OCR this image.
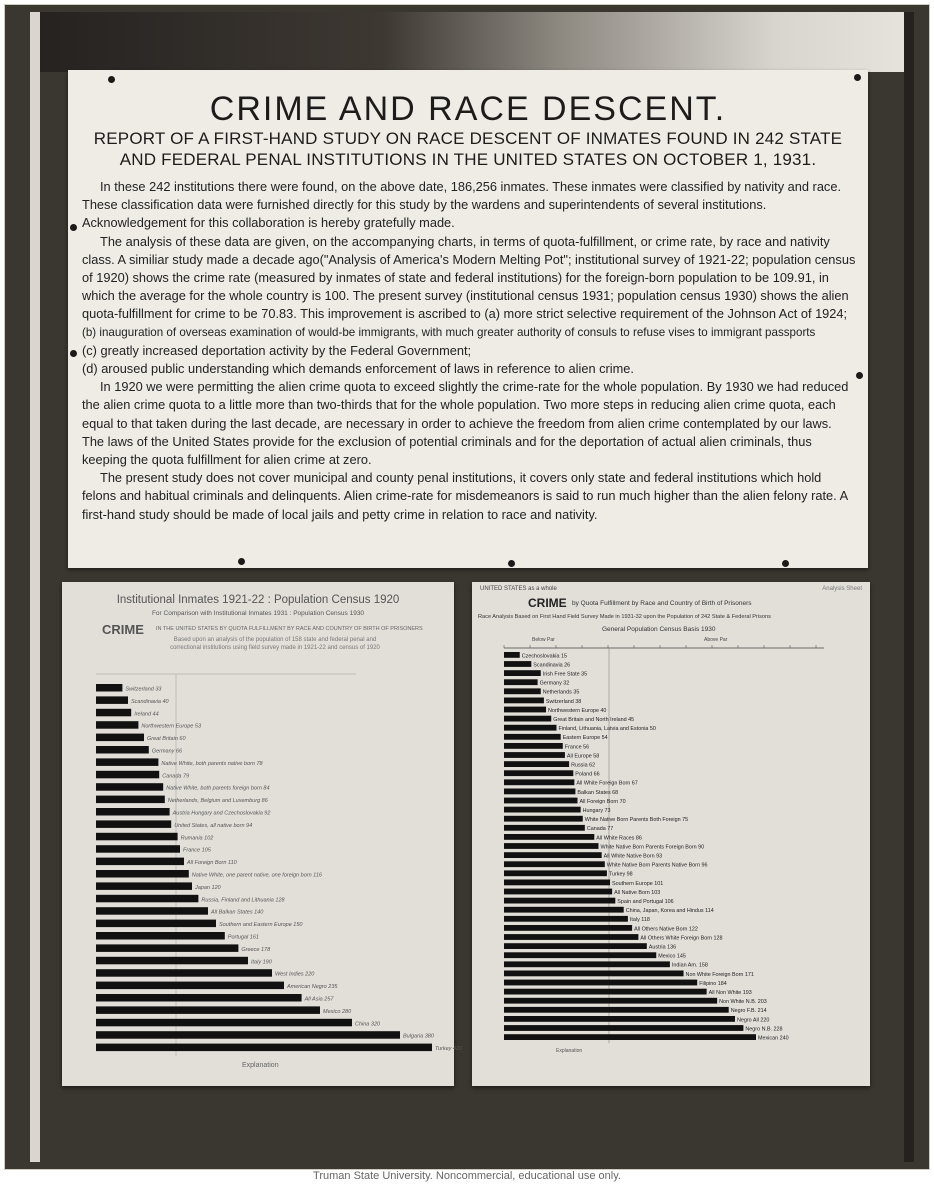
CRIME AND RACE DESCENT.
REPORT OF A FIRST-HAND STUDY ON RACE DESCENT OF INMATES FOUND IN 242 STATE AND FEDERAL PENAL INSTITUTIONS IN THE UNITED STATES ON OCTOBER 1, 1931.

In these 242 institutions there were found, on the above date, 186,256 inmates. These inmates were classified by nativity and race. These classification data were furnished directly for this study by the wardens and superintendents of several institutions. Acknowledgement for this collaboration is hereby gratefully made.

The analysis of these data are given, on the accompanying charts, in terms of quota-fulfillment, or crime rate, by race and nativity class. A similiar study made a decade ago("Analysis of America's Modern Melting Pot"; institutional survey of 1921-22; population census of 1920) shows the crime rate (measured by inmates of state and federal institutions) for the foreign-born population to be 109.91, in which the average for the whole country is 100. The present survey (institutional census 1931; population census 1930) shows the alien quota-fulfillment for crime to be 70.83. This improvement is ascribed to (a) more strict selective requirement of the Johnson Act of 1924;

(b) inauguration of overseas examination of would-be immigrants, with much greater authority of consuls to refuse vises to immigrant passports

(c) greatly increased deportation activity by the Federal Government;

(d) aroused public understanding which demands enforcement of laws in reference to alien crime.

In 1920 we were permitting the alien crime quota to exceed slightly the crime-rate for the whole population. By 1930 we had reduced the alien crime quota to a little more than two-thirds that for the whole population. Two more steps in reducing alien crime quota, each equal to that taken during the last decade, are necessary in order to achieve the freedom from alien crime contemplated by our laws. The laws of the United States provide for the exclusion of potential criminals and for the deportation of actual alien criminals, thus keeping the quota fulfillment for alien crime at zero.

The present study does not cover municipal and county penal institutions, it covers only state and federal institutions which hold felons and habitual criminals and delinquents. Alien crime-rate for misdemeanors is said to run much higher than the alien felony rate. A first-hand study should be made of local jails and petty crime in relation to race and nativity.

Institutional Inmates 1921-22 : Population Census 1920
For Comparison with Institutional Inmates 1931 : Population Census 1930
CRIME IN THE UNITED STATES BY QUOTA FULFILLMENT BY RACE AND COUNTRY OF BIRTH OF PRISONERS
Based upon an analysis of the population of 158 state and federal penal and correctional institutions using field survey made in 1921-22 and census of 1920
Switzerland 33
Scandinavia 40
Ireland 44
Northwestern Europe 53
Great Britain 60
Germany 66
Native White, both parents native born 78
Canada 79
Native White, both parents foreign born 84
Netherlands, Belgium and Luxemburg 86
Austria Hungary and Czechoslovakia 92
United States, all native born 94
Rumania 102
France 105
All Foreign Born 110
Native White, one parent native, one foreign born 116
Japan 120
Russia, Finland and Lithuania 128
All Balkan States 140
Southern and Eastern Europe 150
Portugal 161
Greece 178
Italy 190
West Indies 220
American Negro 235
All Asia 257
Mexico 280
China 320
Bulgaria 380
Turkey 420
Explanation
UNITED STATES as a whole	Analysis Sheet
CRIME by Quota Fulfillment by Race and Country of Birth of Prisoners
Race Analysis Based on First Hand Field Survey Made in 1931-32 upon the Population of 242 State & Federal Prisons
General Population Census Basis 1930
Below Par	Above Par
Czechoslovakia 15
Scandinavia 26
Irish Free State 35
Germany 32
Netherlands 35
Switzerland 38
Northwestern Europe 40
Great Britain and North Ireland 45
Finland, Lithuania, Latvia and Estonia 50
Eastern Europe 54
France 56
All Europe 58
Russia 62
Poland 66
All White Foreign Born 67
Balkan States 68
All Foreign Born 70
Hungary 73
White Native Born Parents Both Foreign 75
Canada 77
All White Races 86
White Native Born Parents Foreign Born 90
All White Native Born 93
White Native Born Parents Native Born 96
Turkey 98
Southern Europe 101
All Native Born 103
Spain and Portugal 106
China, Japan, Korea and Hindus 114
Italy 118
All Others Native Born 122
All Others White Foreign Born 128
Austria 136
Mexico 145
Indian Am. 158
Non White Foreign Born 171
Filipino 184
All Non White 193
Non White N.B. 203
Negro F.B. 214
Negro All 220
Negro N.B. 228
Mexican 240
Explanation
Truman State University. Noncommercial, educational use only.
